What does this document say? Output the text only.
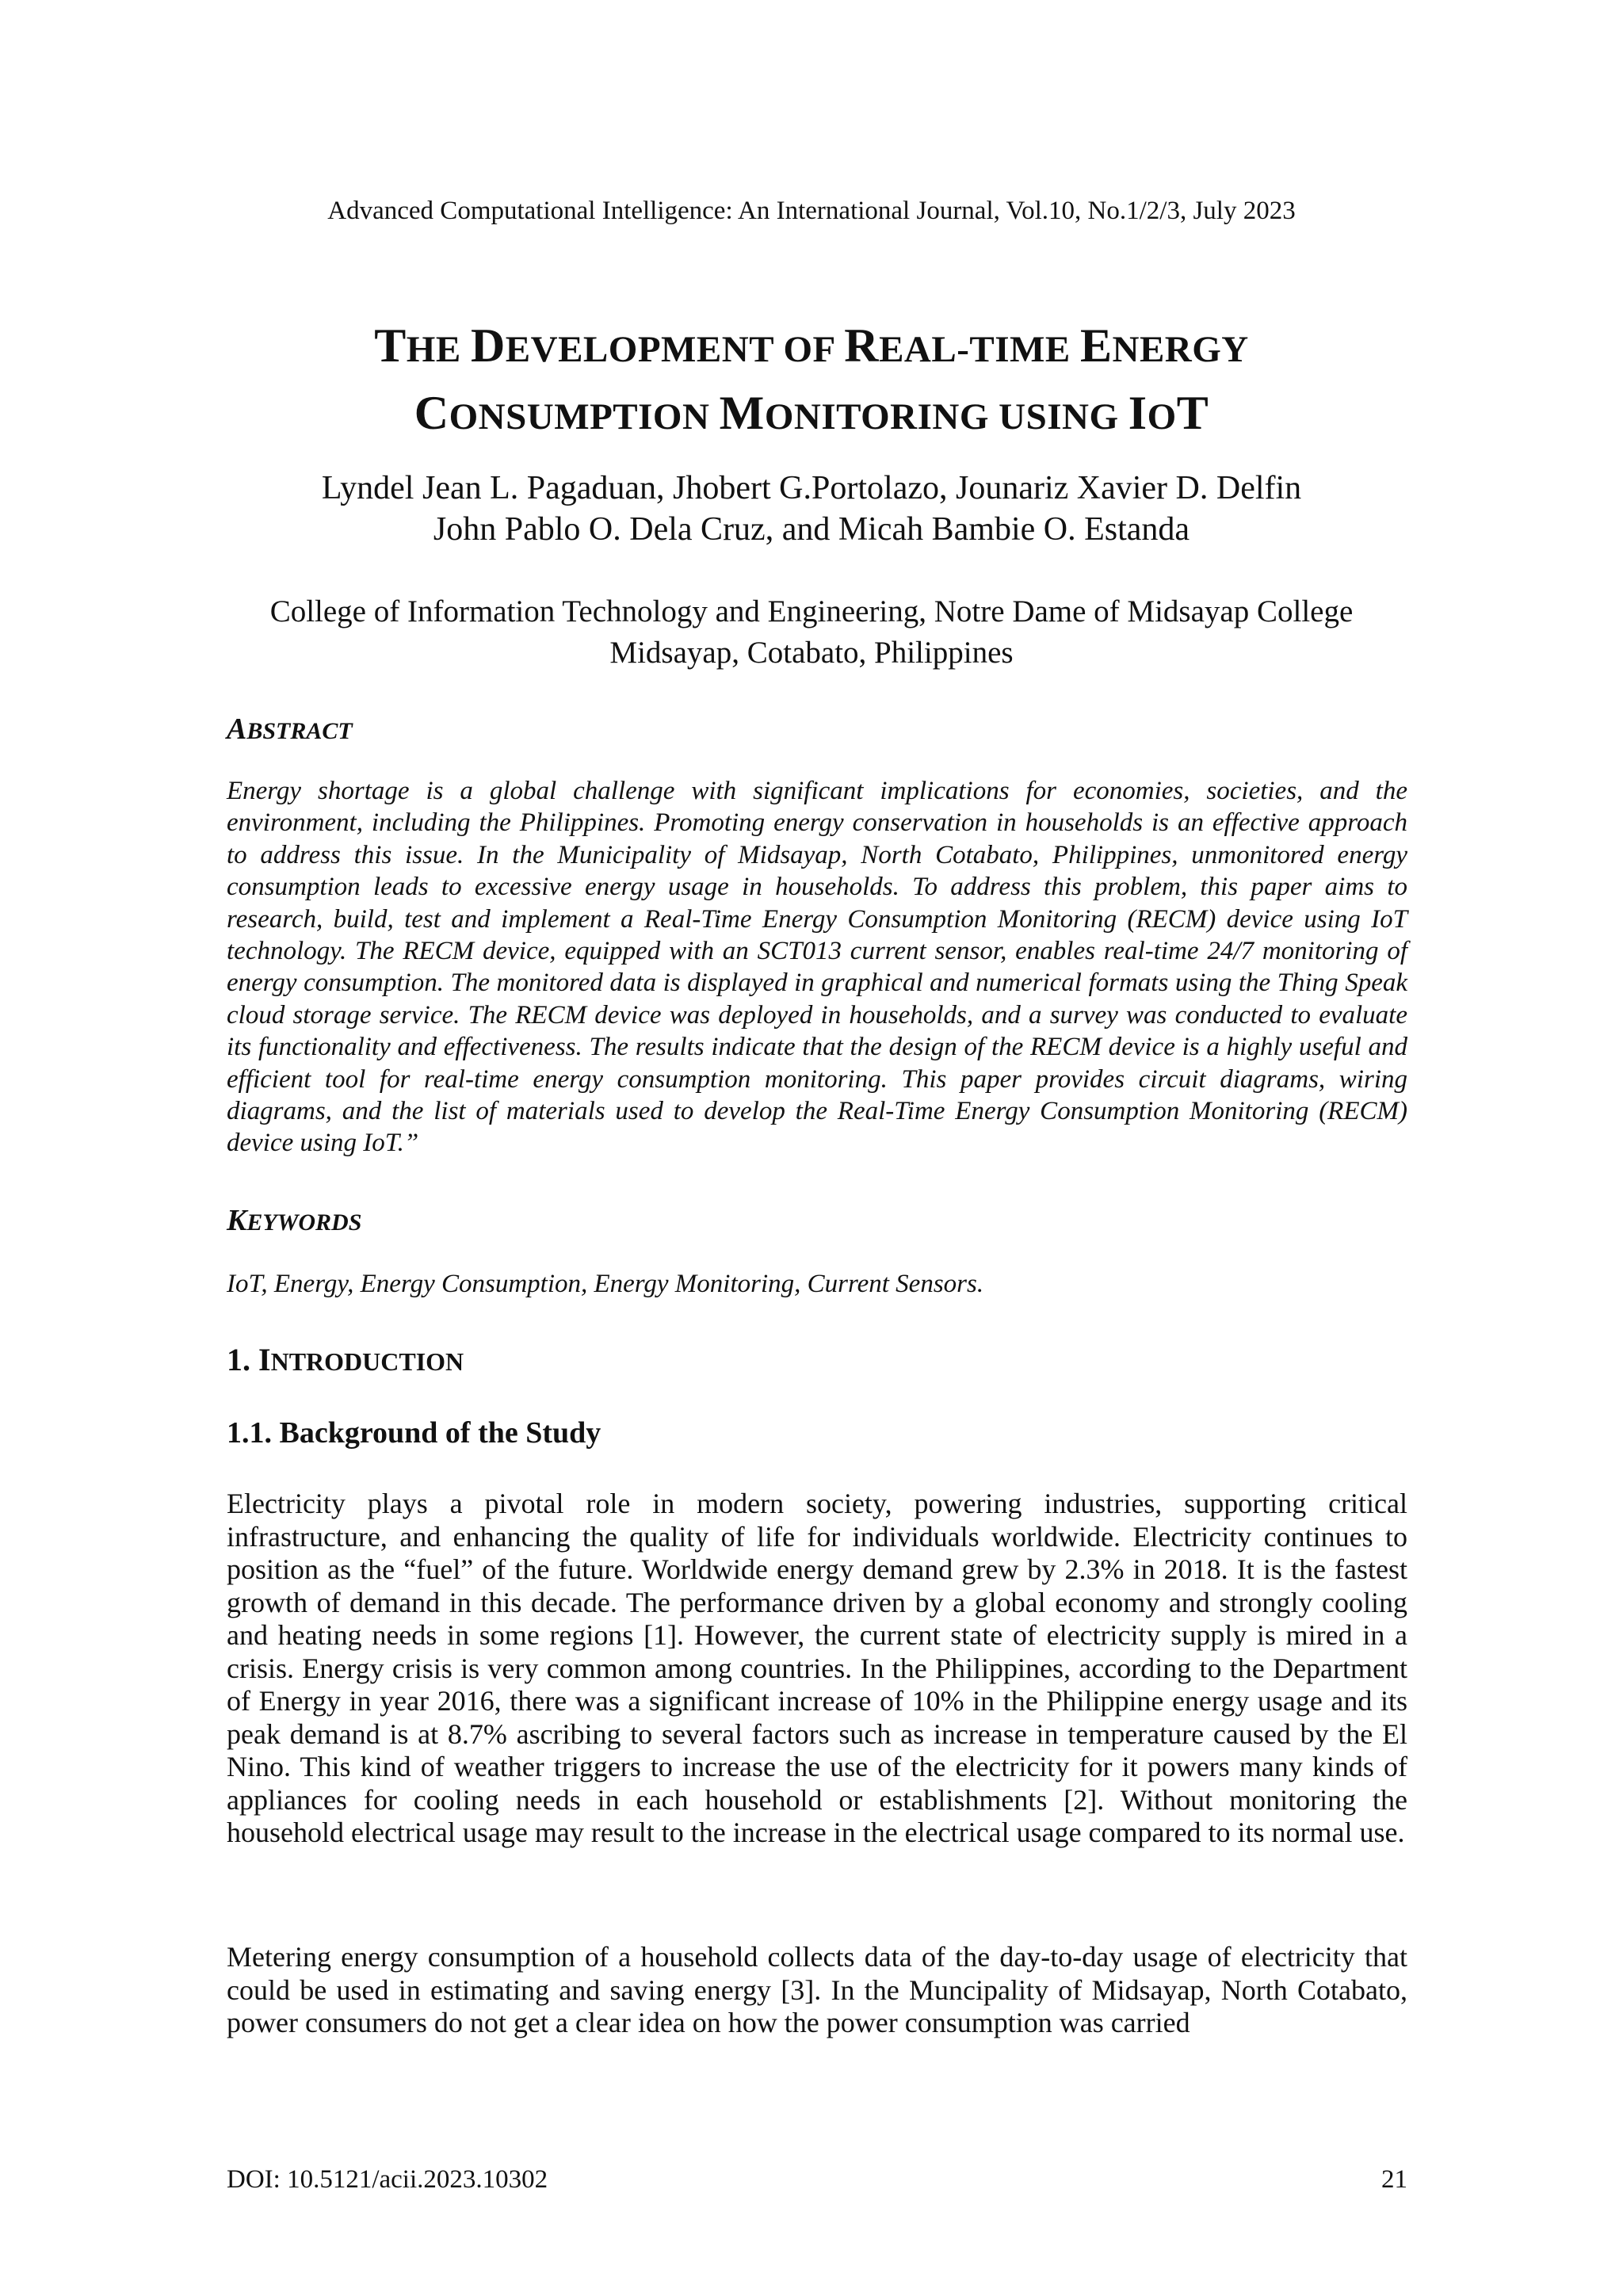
Advanced Computational Intelligence: An International Journal, Vol.10, No.1/2/3, July 2023
THE DEVELOPMENT OF REAL-TIME ENERGY
CONSUMPTION MONITORING USING IOT
Lyndel Jean L. Pagaduan, Jhobert G.Portolazo, Jounariz Xavier D. Delfin
John Pablo O. Dela Cruz, and Micah Bambie O. Estanda
College of Information Technology and Engineering, Notre Dame of Midsayap College
Midsayap, Cotabato, Philippines
ABSTRACT

Energy shortage is a global challenge with significant implications for economies, societies, and the environment, including the Philippines. Promoting energy conservation in households is an effective approach to address this issue. In the Municipality of Midsayap, North Cotabato, Philippines, unmonitored energy consumption leads to excessive energy usage in households. To address this problem, this paper aims to research, build, test and implement a Real-Time Energy Consumption Monitoring (RECM) device using IoT technology. The RECM device, equipped with an SCT013 current sensor, enables real-time 24/7 monitoring of energy consumption. The monitored data is displayed in graphical and numerical formats using the Thing Speak cloud storage service. The RECM device was deployed in households, and a survey was conducted to evaluate its functionality and effectiveness. The results indicate that the design of the RECM device is a highly useful and efficient tool for real-time energy consumption monitoring. This paper provides circuit diagrams, wiring diagrams, and the list of materials used to develop the Real-Time Energy Consumption Monitoring (RECM) device using IoT.”

KEYWORDS

IoT, Energy, Energy Consumption, Energy Monitoring, Current Sensors.

1. INTRODUCTION
1.1. Background of the Study

Electricity plays a pivotal role in modern society, powering industries, supporting critical infrastructure, and enhancing the quality of life for individuals worldwide. Electricity continues to position as the “fuel” of the future. Worldwide energy demand grew by 2.3% in 2018. It is the fastest growth of demand in this decade. The performance driven by a global economy and strongly cooling and heating needs in some regions [1]. However, the current state of electricity supply is mired in a crisis. Energy crisis is very common among countries. In the Philippines, according to the Department of Energy in year 2016, there was a significant increase of 10% in the Philippine energy usage and its peak demand is at 8.7% ascribing to several factors such as increase in temperature caused by the El Nino. This kind of weather triggers to increase the use of the electricity for it powers many kinds of appliances for cooling needs in each household or establishments [2]. Without monitoring the household electrical usage may result to the increase in the electrical usage compared to its normal use.

Metering energy consumption of a household collects data of the day-to-day usage of electricity that could be used in estimating and saving energy [3]. In the Muncipality of Midsayap, North Cotabato, power consumers do not get a clear idea on how the power consumption was carried

DOI: 10.5121/acii.2023.10302	21
